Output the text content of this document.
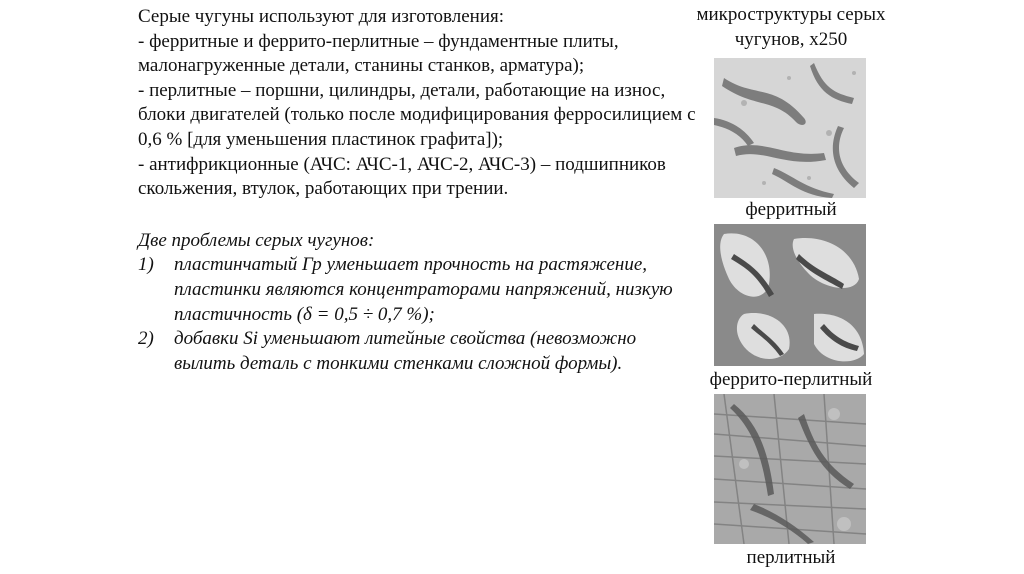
Серые чугуны используют для изготовления:

- ферритные и феррито-перлитные – фундаментные плиты, малонагруженные детали, станины станков, арматура);

- перлитные – поршни, цилиндры, детали, работающие на износ, блоки двигателей (только после модифицирования ферросилицием с 0,6 % [для уменьшения пластинок графита]);

- антифрикционные (АЧС: АЧС-1, АЧС-2, АЧС-3) – подшипников скольжения, втулок, работающих при трении.

Две проблемы серых чугунов:

1)	пластинчатый Гр уменьшает прочность на растяжение, пластинки являются концентраторами напряжений, низкую пластичность (δ = 0,5 ÷ 0,7 %);
2)	добавки Si уменьшают литейные свойства (невозможно вылить деталь с тонкими стенками сложной формы).
микроструктуры серых чугунов, х250
ферритный
феррито-перлитный
перлитный
